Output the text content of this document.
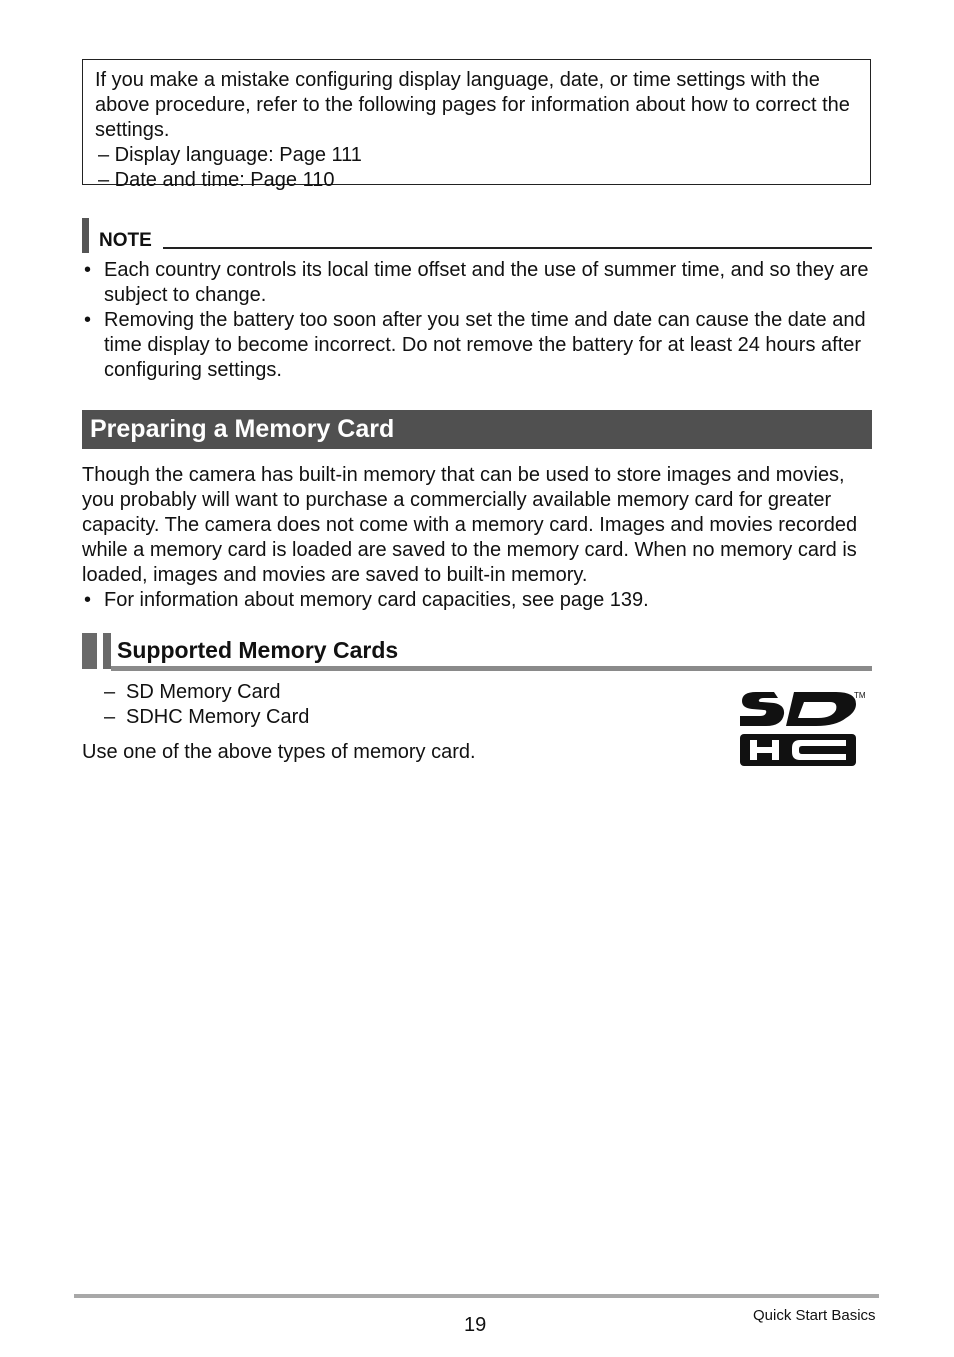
If you make a mistake configuring display language, date, or time settings with the above procedure, refer to the following pages for information about how to correct the settings.

– Display language: Page 111

– Date and time: Page 110

NOTE
• Each country controls its local time offset and the use of summer time, and so they are subject to change.
• Removing the battery too soon after you set the time and date can cause the date and time display to become incorrect. Do not remove the battery for at least 24 hours after configuring settings.
Preparing a Memory Card

Though the camera has built-in memory that can be used to store images and movies, you probably will want to purchase a commercially available memory card for greater capacity. The camera does not come with a memory card. Images and movies recorded while a memory card is loaded are saved to the memory card. When no memory card is loaded, images and movies are saved to built-in memory.

• For information about memory card capacities, see page 139.
Supported Memory Cards
– SD Memory Card
– SDHC Memory Card

Use one of the above types of memory card.

TM
19	Quick Start Basics
